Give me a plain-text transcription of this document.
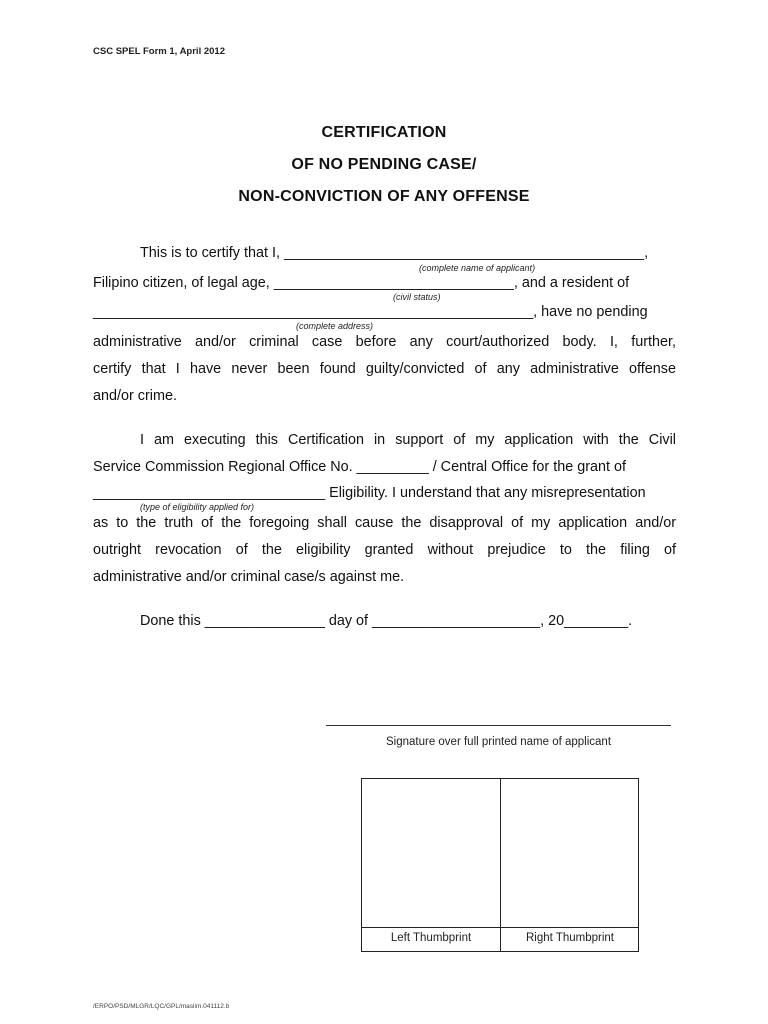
CSC SPEL Form 1, April 2012
CERTIFICATION
OF NO PENDING CASE/
NON-CONVICTION OF ANY OFFENSE
This is to certify that I, _____________________________________________,
(complete name of applicant)
Filipino citizen, of legal age, ______________________________, and a resident of
(civil status)
_______________________________________________________, have no pending
(complete address)
administrative and/or criminal case before any court/authorized body. I, further,
certify that I have never been found guilty/convicted of any administrative offense
and/or crime.
I am executing this Certification in support of my application with the Civil
Service Commission Regional Office No. _________ / Central Office for the grant of
_____________________________ Eligibility. I understand that any misrepresentation
(type of eligibility applied for)
as to the truth of the foregoing shall cause the disapproval of my application and/or
outright revocation of the eligibility granted without prejudice to the filing of
administrative and/or criminal case/s against me.
Done this _______________ day of _____________________, 20________.
Signature over full printed name of applicant
Left Thumbprint	Right Thumbprint
/ERPO/PSD/MLGR/LQC/GPL/maslim.041112.b
